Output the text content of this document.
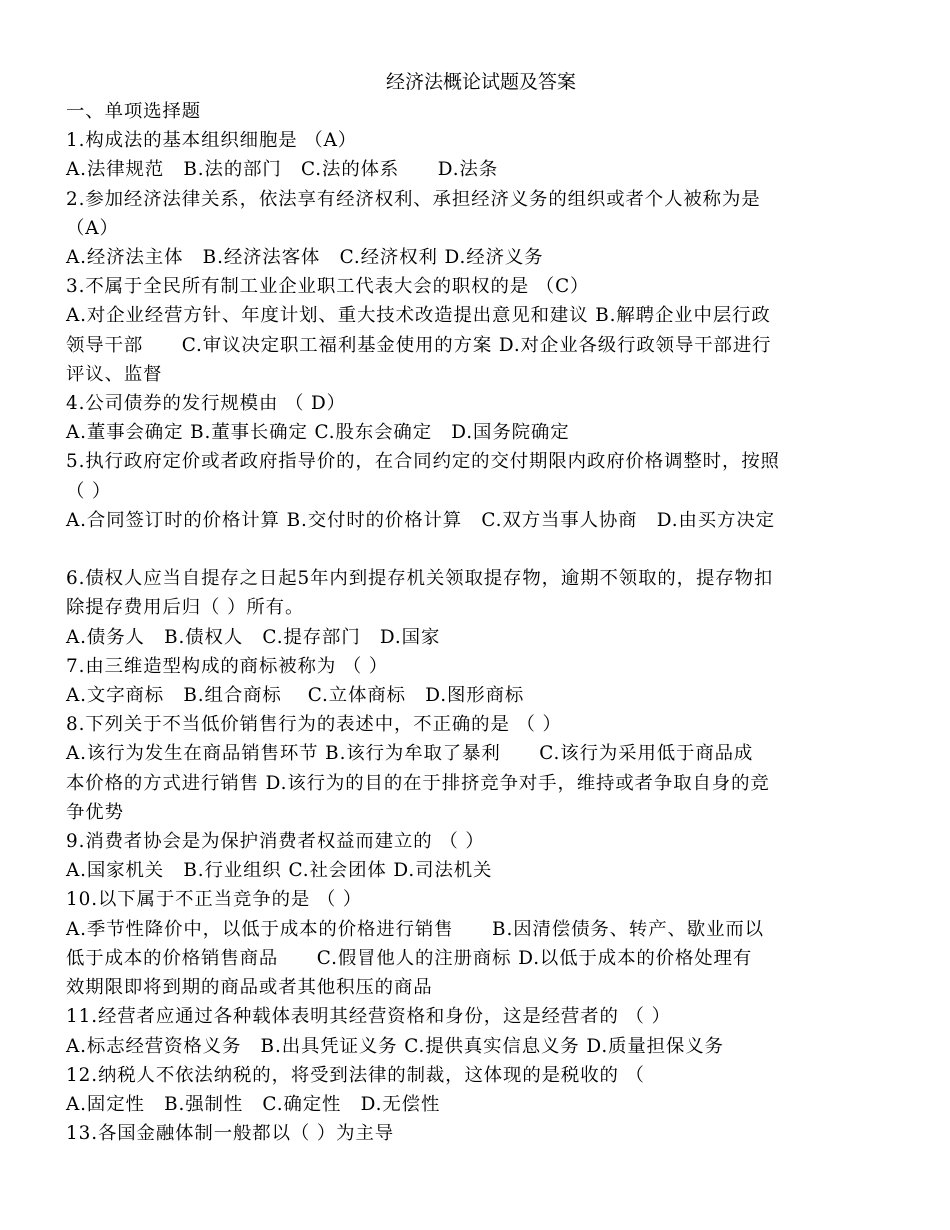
经济法概论试题及答案
一、单项选择题
1.构成法的基本组织细胞是 （A）
A.法律规范　B.法的部门　C.法的体系　　D.法条
2.参加经济法律关系，依法享有经济权利、承担经济义务的组织或者个人被称为是
（A）
A.经济法主体　B.经济法客体　C.经济权利 D.经济义务
3.不属于全民所有制工业企业职工代表大会的职权的是 （C）
A.对企业经营方针、年度计划、重大技术改造提出意见和建议 B.解聘企业中层行政
领导干部　　C.审议决定职工福利基金使用的方案 D.对企业各级行政领导干部进行
评议、监督
4.公司债券的发行规模由 （ D）
A.董事会确定 B.董事长确定 C.股东会确定　D.国务院确定
5.执行政府定价或者政府指导价的，在合同约定的交付期限内政府价格调整时，按照
（ ）
A.合同签订时的价格计算 B.交付时的价格计算　C.双方当事人协商　D.由买方决定

6.债权人应当自提存之日起5年内到提存机关领取提存物，逾期不领取的，提存物扣
除提存费用后归（ ）所有。
A.债务人　B.债权人　C.提存部门　D.国家
7.由三维造型构成的商标被称为 （ ）
A.文字商标　B.组合商标　 C.立体商标　D.图形商标
8.下列关于不当低价销售行为的表述中，不正确的是 （ ）
A.该行为发生在商品销售环节 B.该行为牟取了暴利　　C.该行为采用低于商品成
本价格的方式进行销售 D.该行为的目的在于排挤竞争对手，维持或者争取自身的竞
争优势
9.消费者协会是为保护消费者权益而建立的 （ ）
A.国家机关　B.行业组织 C.社会团体 D.司法机关
10.以下属于不正当竞争的是 （ ）
A.季节性降价中，以低于成本的价格进行销售　　B.因清偿债务、转产、歇业而以
低于成本的价格销售商品　　C.假冒他人的注册商标 D.以低于成本的价格处理有
效期限即将到期的商品或者其他积压的商品
11.经营者应通过各种载体表明其经营资格和身份，这是经营者的 （ ）
A.标志经营资格义务　B.出具凭证义务 C.提供真实信息义务 D.质量担保义务
12.纳税人不依法纳税的，将受到法律的制裁，这体现的是税收的 （
A.固定性　B.强制性　C.确定性　D.无偿性
13.各国金融体制一般都以（ ）为主导
